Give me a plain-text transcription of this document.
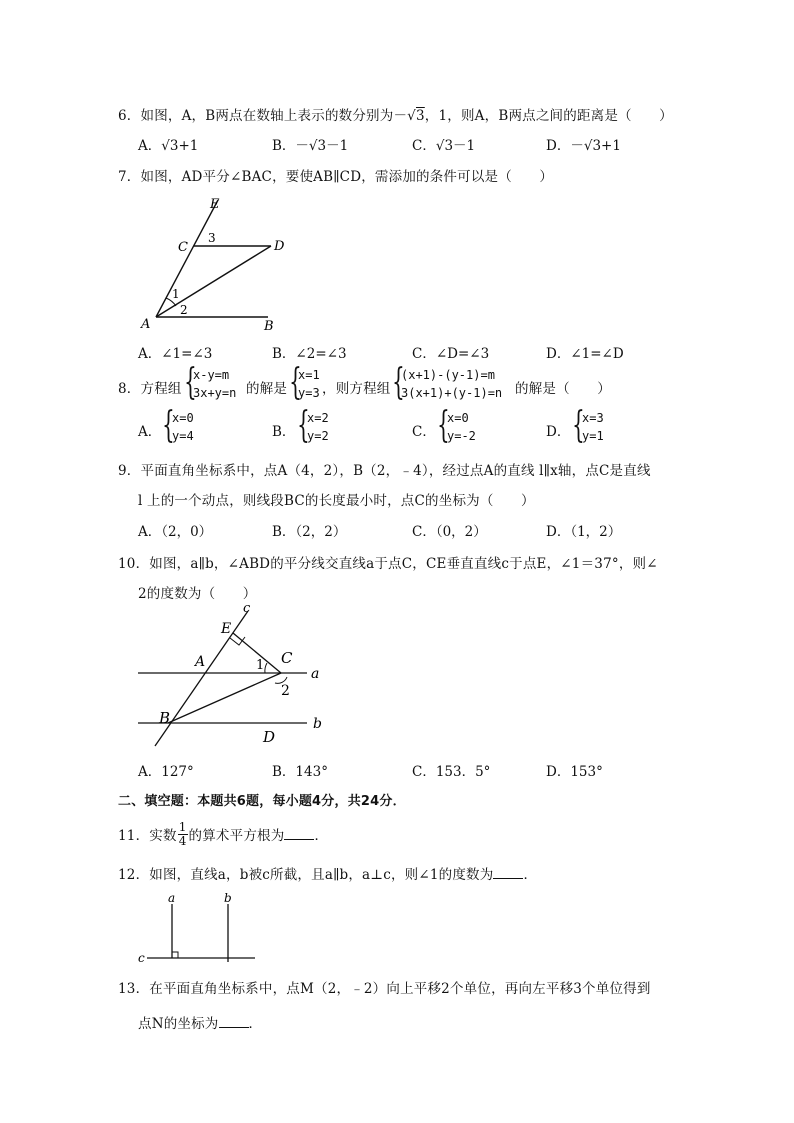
6．如图，A，B两点在数轴上表示的数分别为－√3，1，则A，B两点之间的距离是（　　）
A．√3+1	B．－√3－1	C．√3－1	D．－√3+1
7．如图，AD平分∠BAC，要使AB∥CD，需添加的条件可以是（　　）
E
C
3
D
1
2
A	B
A．∠1=∠3	B．∠2=∠3	C．∠D=∠3	D．∠1=∠D
8．方程组 {
x-y=m
3x+y=n 的解是 {
x=1
y=3 ，则方程组 {
(x+1)-(y-1)=m
3(x+1)+(y-1)=n 的解是（　　）
A． {
x=0
y=4	B． {
x=2
y=2	C． {
x=0
y=-2	D． {
x=3
y=1
9．平面直角坐标系中，点A（4，2），B（2，﹣4），经过点A的直线 l∥x轴，点C是直线
l 上的一个动点，则线段BC的长度最小时，点C的坐标为（　　）
A．（2，0）	B．（2，2）	C．（0，2）	D．（1，2）
10．如图，a∥b，∠ABD的平分线交直线a于点C，CE垂直直线c于点E，∠1＝37°，则∠
2的度数为（　　）
c
E
A	1 C
a
2
B
D
b
A．127°	B．143°	C．153．5°	D．153°
二、填空题：本题共6题，每小题4分，共24分．
11．实数 $\frac{1}{4}$ 的算术平方根为 ．
12．如图，直线a，b被c所截，且a∥b，a⊥c，则∠1的度数为 ．
a	b
c
13．在平面直角坐标系中，点M（2，﹣2）向上平移2个单位，再向左平移3个单位得到
点N的坐标为 ．
